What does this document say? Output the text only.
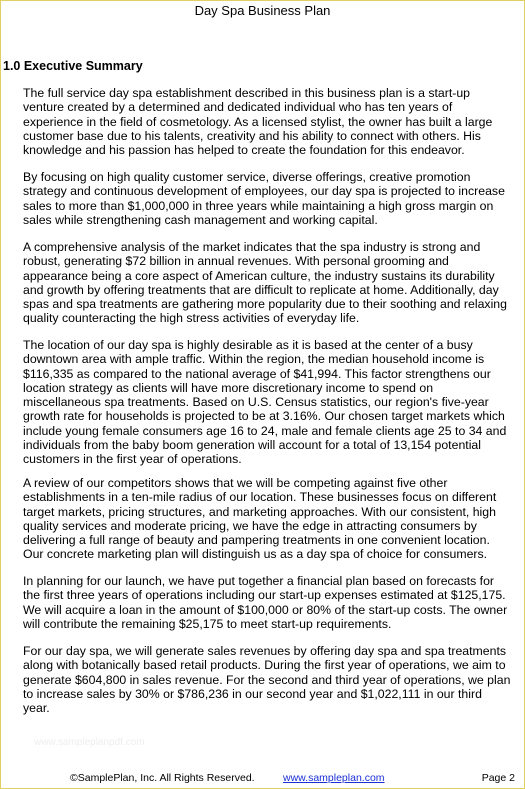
Day Spa Business Plan
1.0 Executive Summary

The full service day spa establishment described in this business plan is a start-up venture created by a determined and dedicated individual who has ten years of experience in the field of cosmetology. As a licensed stylist, the owner has built a large customer base due to his talents, creativity and his ability to connect with others. His knowledge and his passion has helped to create the foundation for this endeavor.

By focusing on high quality customer service, diverse offerings, creative promotion strategy and continuous development of employees, our day spa is projected to increase sales to more than $1,000,000 in three years while maintaining a high gross margin on sales while strengthening cash management and working capital.

A comprehensive analysis of the market indicates that the spa industry is strong and robust, generating $72 billion in annual revenues. With personal grooming and appearance being a core aspect of American culture, the industry sustains its durability and growth by offering treatments that are difficult to replicate at home. Additionally, day spas and spa treatments are gathering more popularity due to their soothing and relaxing quality counteracting the high stress activities of everyday life.

The location of our day spa is highly desirable as it is based at the center of a busy downtown area with ample traffic. Within the region, the median household income is $116,335 as compared to the national average of $41,994. This factor strengthens our location strategy as clients will have more discretionary income to spend on miscellaneous spa treatments. Based on U.S. Census statistics, our region's five-year growth rate for households is projected to be at 3.16%. Our chosen target markets which include young female consumers age 16 to 24, male and female clients age 25 to 34 and individuals from the baby boom generation will account for a total of 13,154 potential customers in the first year of operations.

A review of our competitors shows that we will be competing against five other establishments in a ten-mile radius of our location. These businesses focus on different target markets, pricing structures, and marketing approaches. With our consistent, high quality services and moderate pricing, we have the edge in attracting consumers by delivering a full range of beauty and pampering treatments in one convenient location. Our concrete marketing plan will distinguish us as a day spa of choice for consumers.

In planning for our launch, we have put together a financial plan based on forecasts for the first three years of operations including our start-up expenses estimated at $125,175. We will acquire a loan in the amount of $100,000 or 80% of the start-up costs. The owner will contribute the remaining $25,175 to meet start-up requirements.

For our day spa, we will generate sales revenues by offering day spa and spa treatments along with botanically based retail products. During the first year of operations, we aim to generate $604,800 in sales revenue. For the second and third year of operations, we plan to increase sales by 30% or $786,236 in our second year and $1,022,111 in our third year.

www.sampleplanpdf.com
©SamplePlan, Inc. All Rights Reserved.	www.sampleplan.com	Page 2
